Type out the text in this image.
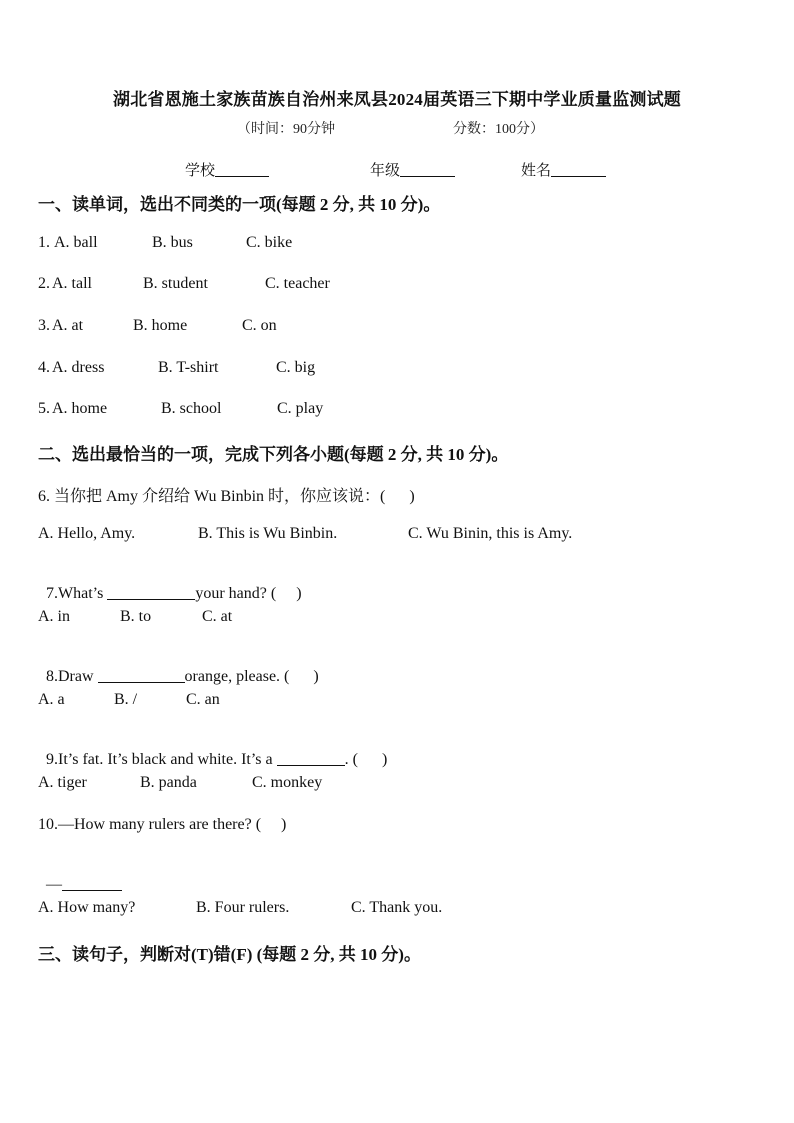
湖北省恩施土家族苗族自治州来凤县2024届英语三下期中学业质量监测试题
（时间：90分钟	分数：100分）
学校	年级	姓名
一、读单词，选出不同类的一项(每题 2 分, 共 10 分)。
1. A. ball	B. bus	C. bike
2. A. tall	B. student	C. teacher
3. A. at	B. home	C. on
4. A. dress	B. T-shirt	C. big
5. A. home	B. school	C. play
二、选出最恰当的一项，完成下列各小题(每题 2 分, 共 10 分)。
6. 当你把 Amy 介绍给 Wu Binbin 时，你应该说：(      )
A. Hello, Amy.	B. This is Wu Binbin.	C. Wu Binin, this is Amy.

7.What’s	your hand? (     )

A. in	B. to	C. at

8.Draw	orange, please. (      )

A. a	B. /	C. an

9.It’s fat. It’s black and white. It’s a	. (      )

A. tiger	B. panda	C. monkey
10.—How many rulers are there? (     )

—

A. How many?	B. Four rulers.	C. Thank you.
三、读句子，判断对(T)错(F) (每题 2 分, 共 10 分)。
